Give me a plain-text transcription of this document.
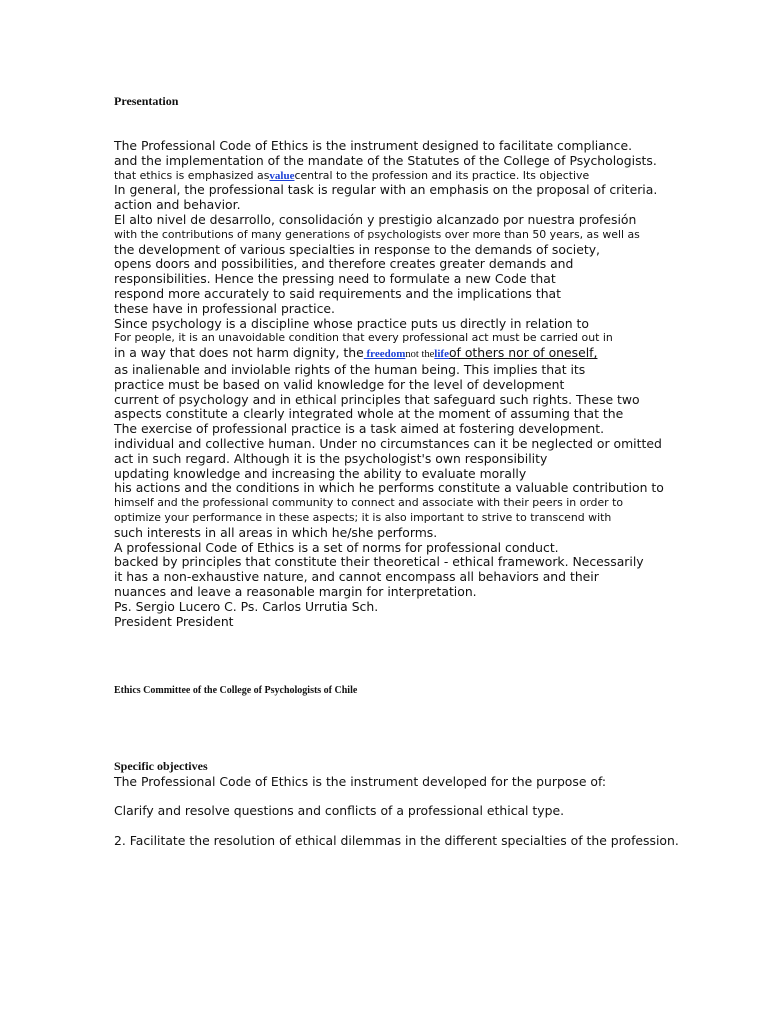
Presentation
The Professional Code of Ethics is the instrument designed to facilitate compliance.
and the implementation of the mandate of the Statutes of the College of Psychologists.
that ethics is emphasized asvaluecentral to the profession and its practice. Its objective
In general, the professional task is regular with an emphasis on the proposal of criteria.
action and behavior.
El alto nivel de desarrollo, consolidación y prestigio alcanzado por nuestra profesión
with the contributions of many generations of psychologists over more than 50 years, as well as
the development of various specialties in response to the demands of society,
opens doors and possibilities, and therefore creates greater demands and
responsibilities. Hence the pressing need to formulate a new Code that
respond more accurately to said requirements and the implications that
these have in professional practice.
Since psychology is a discipline whose practice puts us directly in relation to
For people, it is an unavoidable condition that every professional act must be carried out in
in a way that does not harm dignity, the freedomnot thelifeof others nor of oneself,
as inalienable and inviolable rights of the human being. This implies that its
practice must be based on valid knowledge for the level of development
current of psychology and in ethical principles that safeguard such rights. These two
aspects constitute a clearly integrated whole at the moment of assuming that the
The exercise of professional practice is a task aimed at fostering development.
individual and collective human. Under no circumstances can it be neglected or omitted
act in such regard. Although it is the psychologist's own responsibility
updating knowledge and increasing the ability to evaluate morally
his actions and the conditions in which he performs constitute a valuable contribution to
himself and the professional community to connect and associate with their peers in order to
optimize your performance in these aspects; it is also important to strive to transcend with
such interests in all areas in which he/she performs.
A professional Code of Ethics is a set of norms for professional conduct.
backed by principles that constitute their theoretical - ethical framework. Necessarily
it has a non-exhaustive nature, and cannot encompass all behaviors and their
nuances and leave a reasonable margin for interpretation.
Ps. Sergio Lucero C. Ps. Carlos Urrutia Sch.
President President
Ethics Committee of the College of Psychologists of Chile
Specific objectives
The Professional Code of Ethics is the instrument developed for the purpose of:
Clarify and resolve questions and conflicts of a professional ethical type.
2. Facilitate the resolution of ethical dilemmas in the different specialties of the profession.
